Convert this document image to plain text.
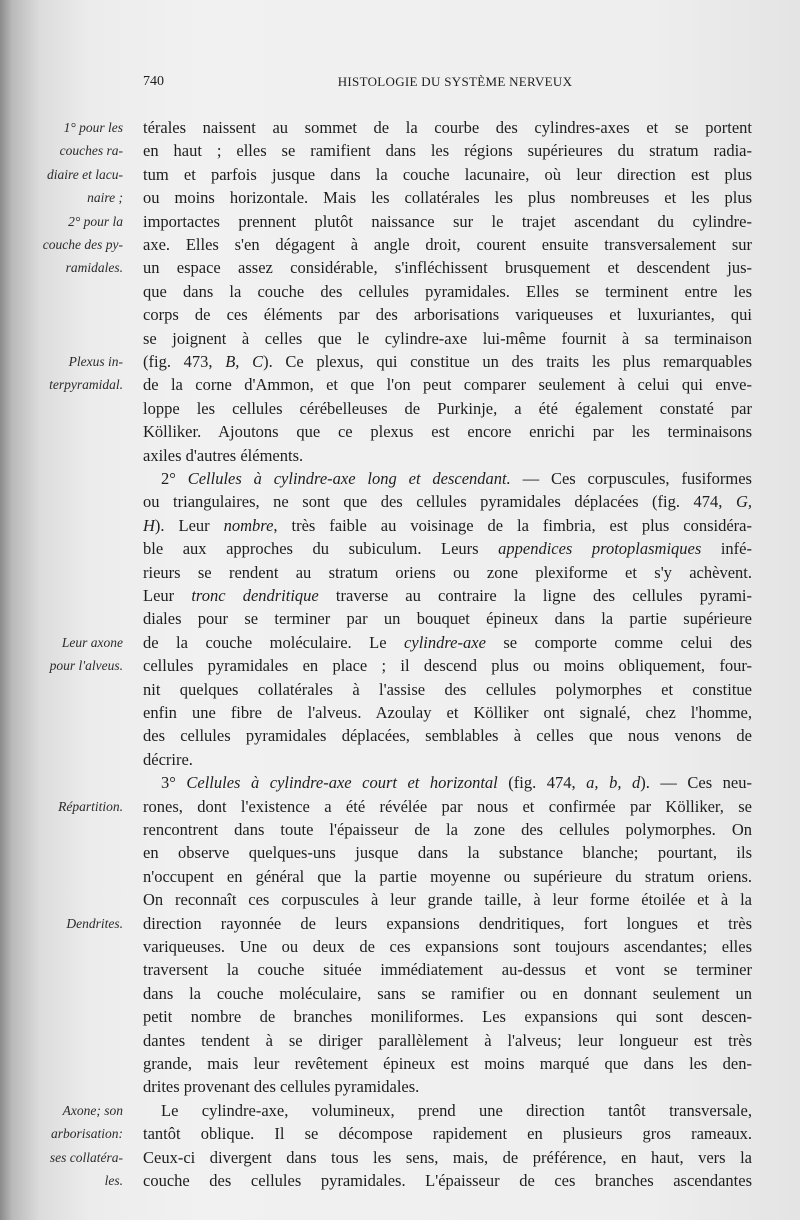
740	HISTOLOGIE DU SYSTÈME NERVEUX
térales naissent au sommet de la courbe des cylindres-axes et se portent
en haut ; elles se ramifient dans les régions supérieures du stratum radia-
tum et parfois jusque dans la couche lacunaire, où leur direction est plus
ou moins horizontale. Mais les collatérales les plus nombreuses et les plus
importactes prennent plutôt naissance sur le trajet ascendant du cylindre-
axe. Elles s'en dégagent à angle droit, courent ensuite transversalement sur
un espace assez considérable, s'infléchissent brusquement et descendent jus-
que dans la couche des cellules pyramidales. Elles se terminent entre les
corps de ces éléments par des arborisations variqueuses et luxuriantes, qui
se joignent à celles que le cylindre-axe lui-même fournit à sa terminaison
(fig. 473, B, C). Ce plexus, qui constitue un des traits les plus remarquables
de la corne d'Ammon, et que l'on peut comparer seulement à celui qui enve-
loppe les cellules cérébelleuses de Purkinje, a été également constaté par
Kölliker. Ajoutons que ce plexus est encore enrichi par les terminaisons
axiles d'autres éléments.
2° Cellules à cylindre-axe long et descendant. — Ces corpuscules, fusiformes
ou triangulaires, ne sont que des cellules pyramidales déplacées (fig. 474, G,
H). Leur nombre, très faible au voisinage de la fimbria, est plus considéra-
ble aux approches du subiculum. Leurs appendices protoplasmiques infé-
rieurs se rendent au stratum oriens ou zone plexiforme et s'y achèvent.
Leur tronc dendritique traverse au contraire la ligne des cellules pyrami-
diales pour se terminer par un bouquet épineux dans la partie supérieure
de la couche moléculaire. Le cylindre-axe se comporte comme celui des
cellules pyramidales en place ; il descend plus ou moins obliquement, four-
nit quelques collatérales à l'assise des cellules polymorphes et constitue
enfin une fibre de l'alveus. Azoulay et Kölliker ont signalé, chez l'homme,
des cellules pyramidales déplacées, semblables à celles que nous venons de
décrire.
3° Cellules à cylindre-axe court et horizontal (fig. 474, a, b, d). — Ces neu-
rones, dont l'existence a été révélée par nous et confirmée par Kölliker, se
rencontrent dans toute l'épaisseur de la zone des cellules polymorphes. On
en observe quelques-uns jusque dans la substance blanche; pourtant, ils
n'occupent en général que la partie moyenne ou supérieure du stratum oriens.
On reconnaît ces corpuscules à leur grande taille, à leur forme étoilée et à la
direction rayonnée de leurs expansions dendritiques, fort longues et très
variqueuses. Une ou deux de ces expansions sont toujours ascendantes; elles
traversent la couche située immédiatement au-dessus et vont se terminer
dans la couche moléculaire, sans se ramifier ou en donnant seulement un
petit nombre de branches moniliformes. Les expansions qui sont descen-
dantes tendent à se diriger parallèlement à l'alveus; leur longueur est très
grande, mais leur revêtement épineux est moins marqué que dans les den-
drites provenant des cellules pyramidales.
Le cylindre-axe, volumineux, prend une direction tantôt transversale,
tantôt oblique. Il se décompose rapidement en plusieurs gros rameaux.
Ceux-ci divergent dans tous les sens, mais, de préférence, en haut, vers la
couche des cellules pyramidales. L'épaisseur de ces branches ascendantes
1° pour les
couches ra-
diaire et lacu-
naire ;
2° pour la
couche des py-
ramidales.
Plexus in-
terpyramidal.
Leur axone
pour l'alveus.
Répartition.
Dendrites.
Axone; son
arborisation:
ses collatéra-
les.
